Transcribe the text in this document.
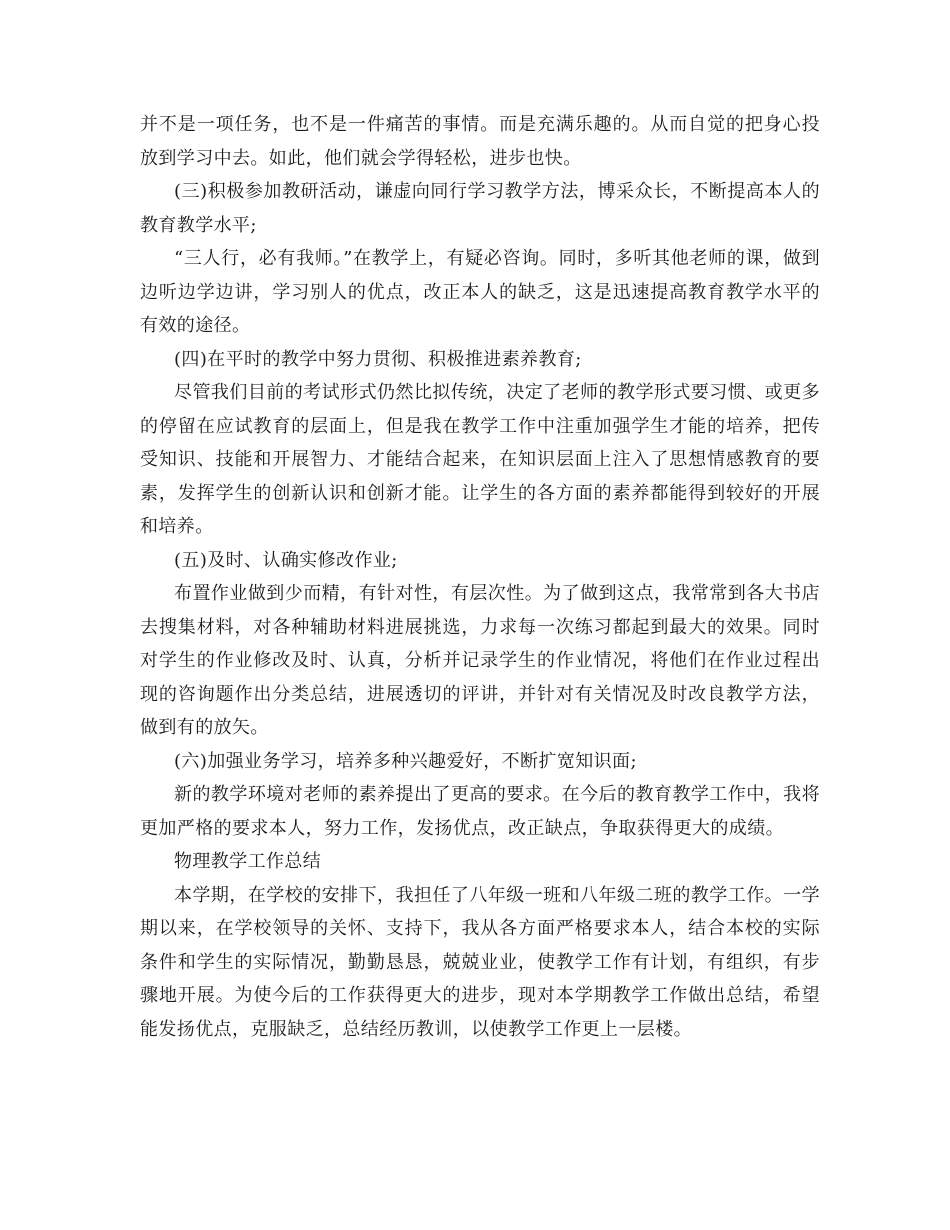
并不是一项任务，也不是一件痛苦的事情。而是充满乐趣的。从而自觉的把身心投放到学习中去。如此，他们就会学得轻松，进步也快。

(三)积极参加教研活动，谦虚向同行学习教学方法，博采众长，不断提高本人的教育教学水平;

“三人行，必有我师。”在教学上，有疑必咨询。同时，多听其他老师的课，做到边听边学边讲，学习别人的优点，改正本人的缺乏，这是迅速提高教育教学水平的有效的途径。

(四)在平时的教学中努力贯彻、积极推进素养教育;

尽管我们目前的考试形式仍然比拟传统，决定了老师的教学形式要习惯、或更多的停留在应试教育的层面上，但是我在教学工作中注重加强学生才能的培养，把传受知识、技能和开展智力、才能结合起来，在知识层面上注入了思想情感教育的要素，发挥学生的创新认识和创新才能。让学生的各方面的素养都能得到较好的开展和培养。

(五)及时、认确实修改作业;

布置作业做到少而精，有针对性，有层次性。为了做到这点，我常常到各大书店去搜集材料，对各种辅助材料进展挑选，力求每一次练习都起到最大的效果。同时对学生的作业修改及时、认真，分析并记录学生的作业情况，将他们在作业过程出现的咨询题作出分类总结，进展透切的评讲，并针对有关情况及时改良教学方法，做到有的放矢。

(六)加强业务学习，培养多种兴趣爱好，不断扩宽知识面;

新的教学环境对老师的素养提出了更高的要求。在今后的教育教学工作中，我将更加严格的要求本人，努力工作，发扬优点，改正缺点，争取获得更大的成绩。

物理教学工作总结

本学期，在学校的安排下，我担任了八年级一班和八年级二班的教学工作。一学期以来，在学校领导的关怀、支持下，我从各方面严格要求本人，结合本校的实际条件和学生的实际情况，勤勤恳恳，兢兢业业，使教学工作有计划，有组织，有步骤地开展。为使今后的工作获得更大的进步，现对本学期教学工作做出总结，希望能发扬优点，克服缺乏，总结经历教训，以使教学工作更上一层楼。
